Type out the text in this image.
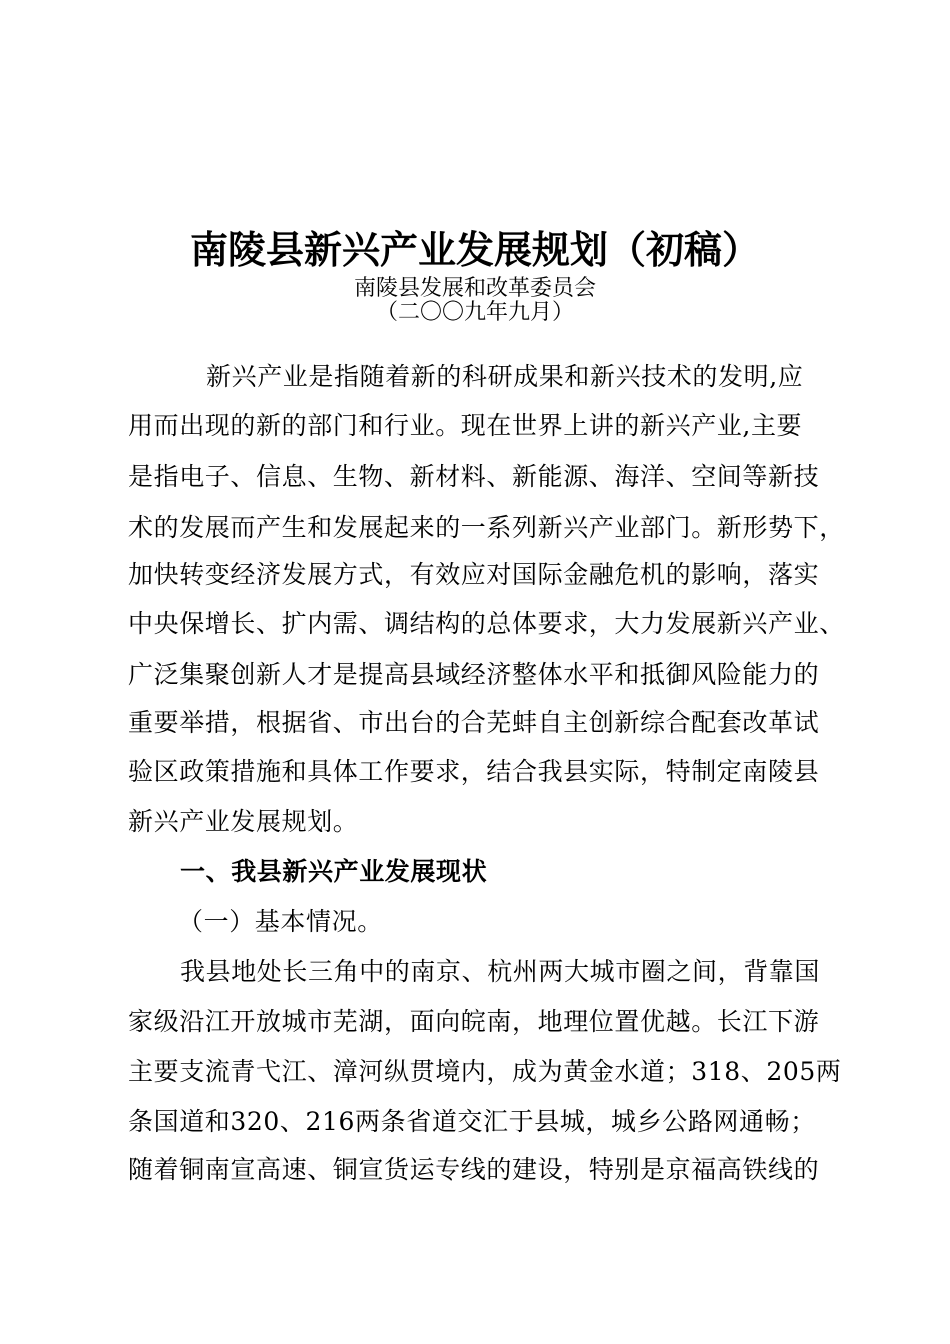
南陵县新兴产业发展规划（初稿）
南陵县发展和改革委员会
（二〇〇九年九月）
新兴产业是指随着新的科研成果和新兴技术的发明,应
用而出现的新的部门和行业。现在世界上讲的新兴产业,主要
是指电子、信息、生物、新材料、新能源、海洋、空间等新技
术的发展而产生和发展起来的一系列新兴产业部门。新形势下，
加快转变经济发展方式，有效应对国际金融危机的影响，落实
中央保增长、扩内需、调结构的总体要求，大力发展新兴产业、
广泛集聚创新人才是提高县域经济整体水平和抵御风险能力的
重要举措，根据省、市出台的合芜蚌自主创新综合配套改革试
验区政策措施和具体工作要求，结合我县实际，特制定南陵县
新兴产业发展规划。
一、我县新兴产业发展现状
（一）基本情况。
我县地处长三角中的南京、杭州两大城市圈之间，背靠国
家级沿江开放城市芜湖，面向皖南，地理位置优越。长江下游
主要支流青弋江、漳河纵贯境内，成为黄金水道；318、205两
条国道和320、216两条省道交汇于县城，城乡公路网通畅；
随着铜南宣高速、铜宣货运专线的建设，特别是京福高铁线的
